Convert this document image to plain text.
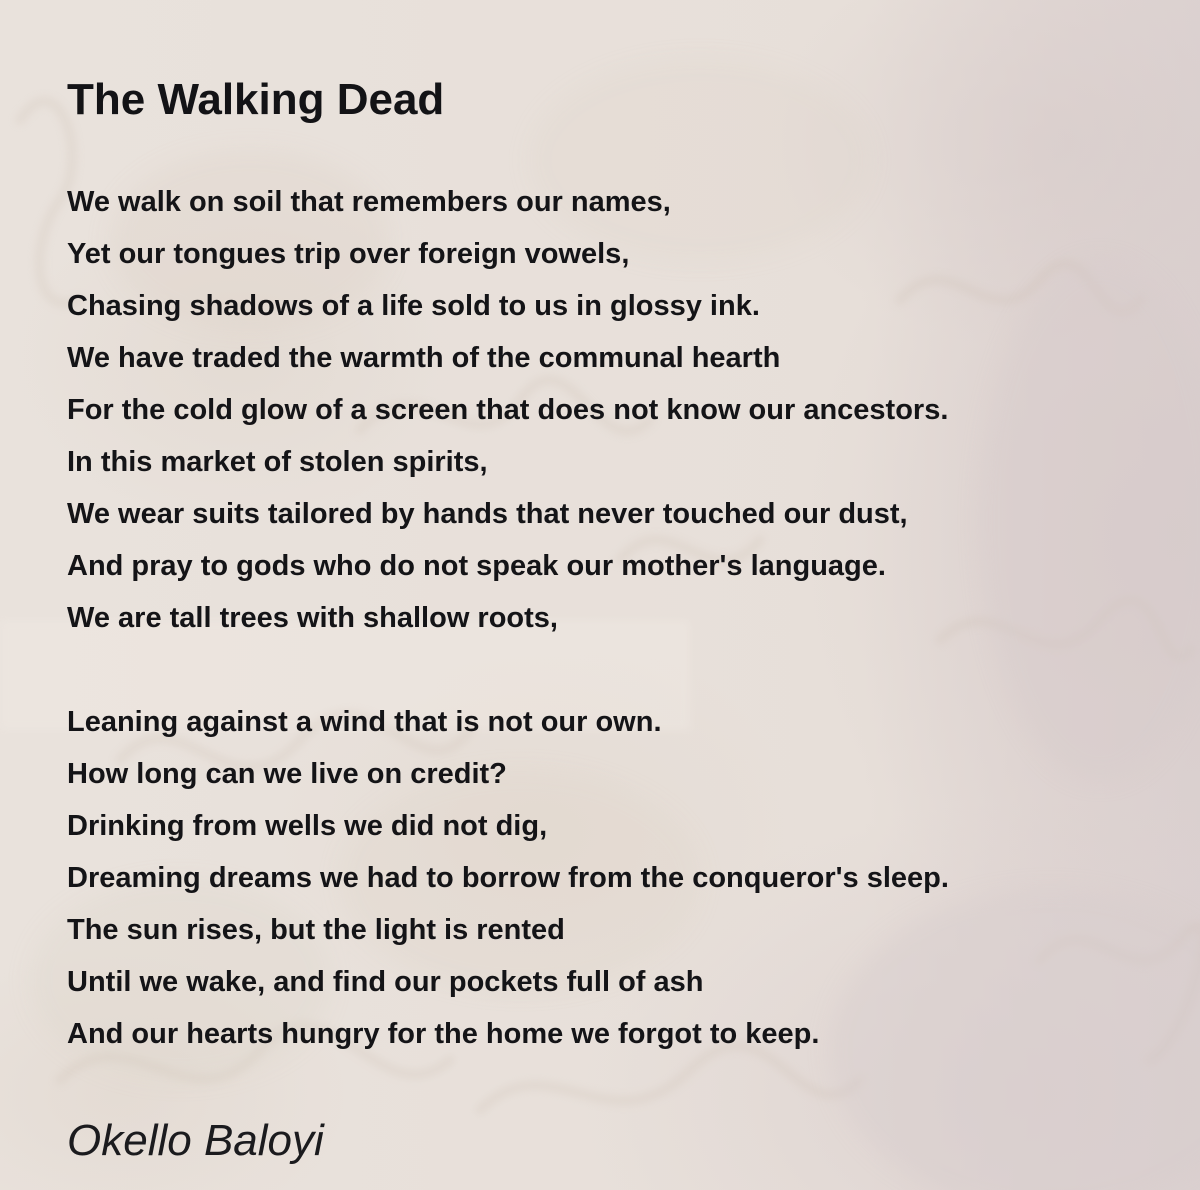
The Walking Dead
We walk on soil that remembers our names,
Yet our tongues trip over foreign vowels,
Chasing shadows of a life sold to us in glossy ink.
We have traded the warmth of the communal hearth
For the cold glow of a screen that does not know our ancestors.
In this market of stolen spirits,
We wear suits tailored by hands that never touched our dust,
And pray to gods who do not speak our mother's language.
We are tall trees with shallow roots,
Leaning against a wind that is not our own.
How long can we live on credit?
Drinking from wells we did not dig,
Dreaming dreams we had to borrow from the conqueror's sleep.
The sun rises, but the light is rented
Until we wake, and find our pockets full of ash
And our hearts hungry for the home we forgot to keep.
Okello Baloyi
